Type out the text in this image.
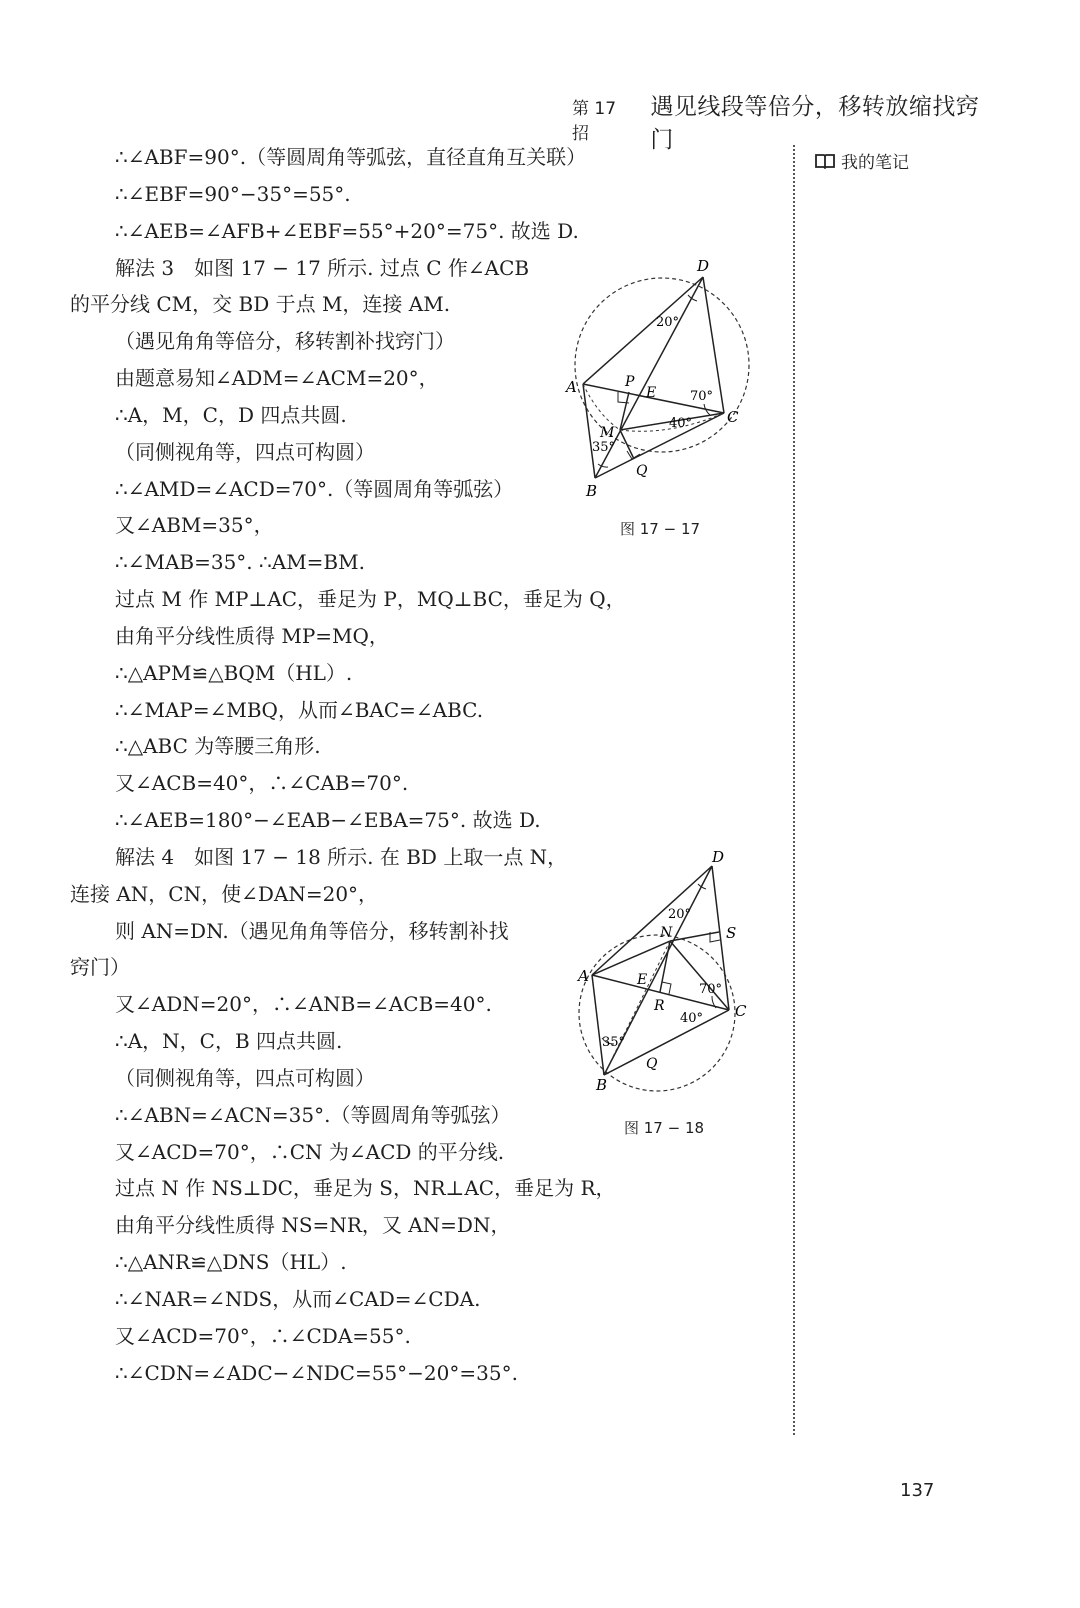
第 17 招
遇见线段等倍分，移转放缩找窍门
我的笔记
∴∠ABF=90°.（等圆周角等弧弦，直径直角互关联）
∴∠EBF=90°−35°=55°.
∴∠AEB=∠AFB+∠EBF=55°+20°=75°. 故选 D.
解法 3　如图 17 − 17 所示. 过点 C 作∠ACB
的平分线 CM，交 BD 于点 M，连接 AM.
（遇见角角等倍分，移转割补找窍门）
由题意易知∠ADM=∠ACM=20°，
∴A，M，C，D 四点共圆.
（同侧视角等，四点可构圆）
∴∠AMD=∠ACD=70°.（等圆周角等弧弦）
又∠ABM=35°，
∴∠MAB=35°. ∴AM=BM.
过点 M 作 MP⊥AC，垂足为 P，MQ⊥BC，垂足为 Q，
由角平分线性质得 MP=MQ，
∴△APM≌△BQM（HL）.
∴∠MAP=∠MBQ，从而∠BAC=∠ABC.
∴△ABC 为等腰三角形.
又∠ACB=40°，∴∠CAB=70°.
∴∠AEB=180°−∠EAB−∠EBA=75°. 故选 D.
解法 4　如图 17 − 18 所示. 在 BD 上取一点 N，
连接 AN，CN，使∠DAN=20°，
则 AN=DN.（遇见角角等倍分，移转割补找
窍门）
又∠ADN=20°，∴∠ANB=∠ACB=40°.
∴A，N，C，B 四点共圆.
（同侧视角等，四点可构圆）
∴∠ABN=∠ACN=35°.（等圆周角等弧弦）
又∠ACD=70°，∴CN 为∠ACD 的平分线.
过点 N 作 NS⊥DC，垂足为 S，NR⊥AC，垂足为 R，
由角平分线性质得 NS=NR，又 AN=DN，
∴△ANR≌△DNS（HL）.
∴∠NAR=∠NDS，从而∠CAD=∠CDA.
又∠ACD=70°，∴∠CDA=55°.
∴∠CDN=∠ADC−∠NDC=55°−20°=35°.
D
A	P
E
C
M
B
Q
20°
70°
40°
35°
图 17 − 17
D
N	S
A	E
R	C
B
Q
20°
70°
40°
35°
图 17 − 18
137
